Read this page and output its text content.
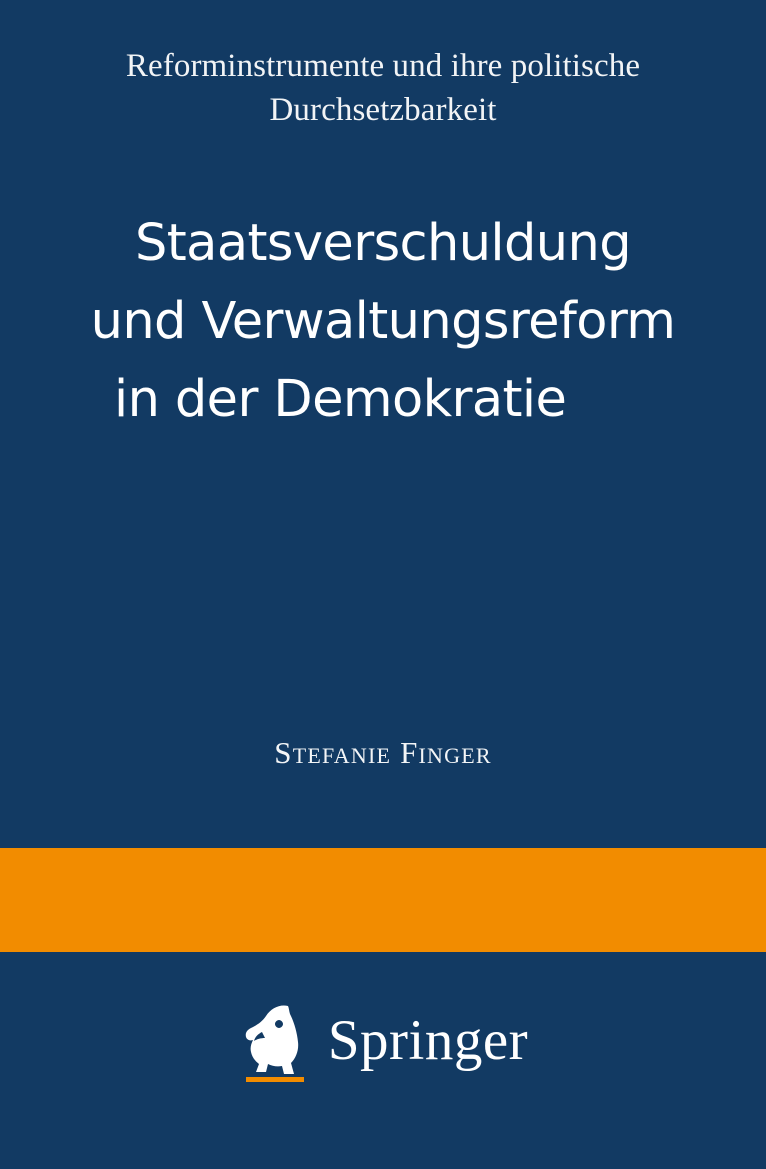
Reforminstrumente und ihre politische Durchsetzbarkeit
Staatsverschuldung
und Verwaltungsreform
in der Demokratie
Stefanie Finger
Springer
